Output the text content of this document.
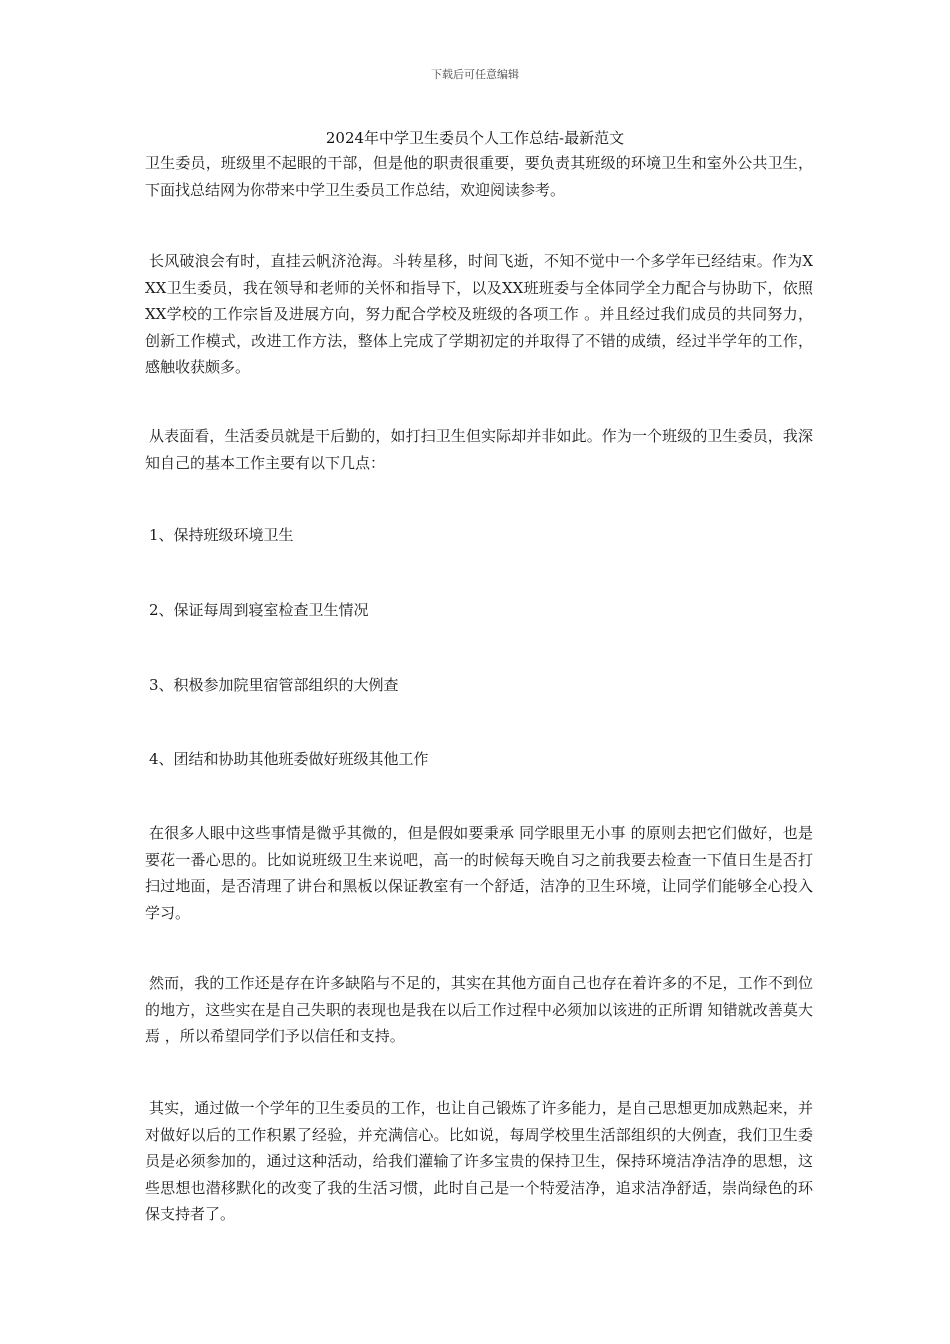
下载后可任意编辑
2024年中学卫生委员个人工作总结-最新范文

卫生委员，班级里不起眼的干部，但是他的职责很重要，要负责其班级的环境卫生和室外公共卫生，下面找总结网为你带来中学卫生委员工作总结，欢迎阅读参考。

长风破浪会有时，直挂云帆济沧海。斗转星移，时间飞逝，不知不觉中一个多学年已经结束。作为XXX卫生委员，我在领导和老师的关怀和指导下，以及XX班班委与全体同学全力配合与协助下，依照XX学校的工作宗旨及进展方向，努力配合学校及班级的各项工作 。并且经过我们成员的共同努力，创新工作模式，改进工作方法，整体上完成了学期初定的并取得了不错的成绩，经过半学年的工作，感触收获颇多。

从表面看，生活委员就是干后勤的，如打扫卫生但实际却并非如此。作为一个班级的卫生委员，我深知自己的基本工作主要有以下几点：

1、保持班级环境卫生

2、保证每周到寝室检查卫生情况

3、积极参加院里宿管部组织的大例查

4、团结和协助其他班委做好班级其他工作

在很多人眼中这些事情是微乎其微的，但是假如要秉承 同学眼里无小事 的原则去把它们做好，也是要花一番心思的。比如说班级卫生来说吧，高一的时候每天晚自习之前我要去检查一下值日生是否打扫过地面，是否清理了讲台和黑板以保证教室有一个舒适，洁净的卫生环境，让同学们能够全心投入学习。

然而，我的工作还是存在许多缺陷与不足的，其实在其他方面自己也存在着许多的不足，工作不到位的地方，这些实在是自己失职的表现也是我在以后工作过程中必须加以该进的正所谓 知错就改善莫大焉 ，所以希望同学们予以信任和支持。

其实，通过做一个学年的卫生委员的工作，也让自己锻炼了许多能力，是自己思想更加成熟起来，并对做好以后的工作积累了经验，并充满信心。比如说，每周学校里生活部组织的大例查，我们卫生委员是必须参加的，通过这种活动，给我们灌输了许多宝贵的保持卫生，保持环境洁净洁净的思想，这些思想也潜移默化的改变了我的生活习惯，此时自己是一个特爱洁净，追求洁净舒适，崇尚绿色的环保支持者了。
